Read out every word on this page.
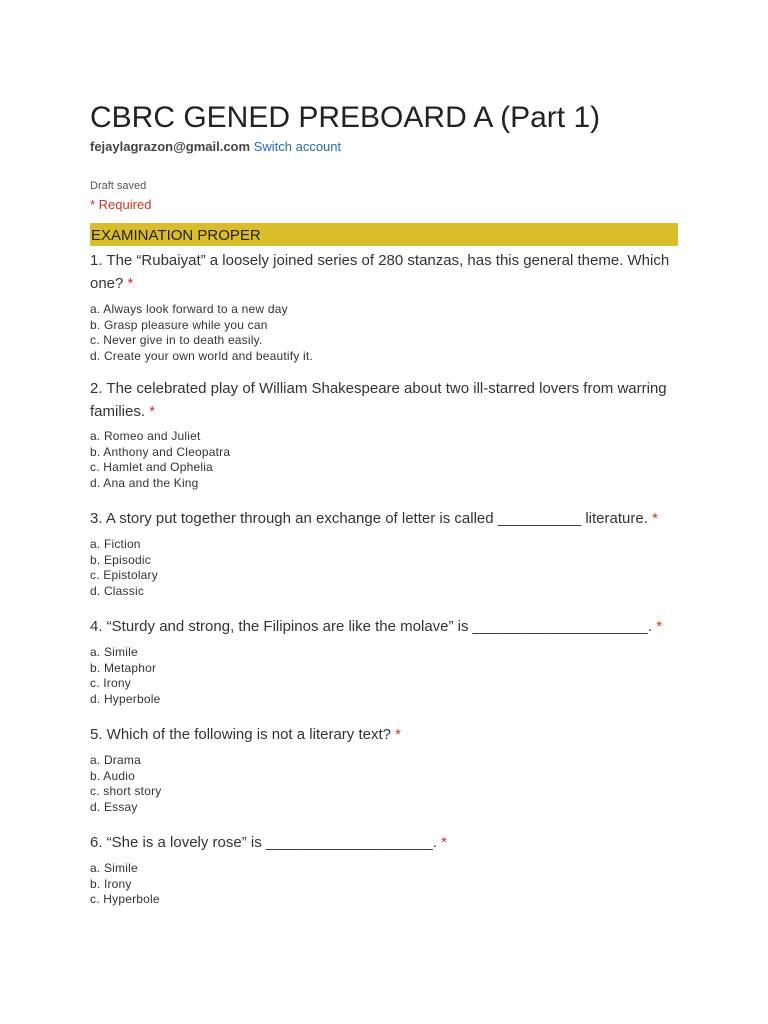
CBRC GENED PREBOARD A (Part 1)
fejaylagrazon@gmail.com Switch account
Draft saved
* Required
EXAMINATION PROPER

1. The “Rubaiyat” a loosely joined series of 280 stanzas, has this general theme. Which one? *

a. Always look forward to a new day
b. Grasp pleasure while you can
c. Never give in to death easily.
d. Create your own world and beautify it.

2. The celebrated play of William Shakespeare about two ill-starred lovers from warring families. *

a. Romeo and Juliet
b. Anthony and Cleopatra
c. Hamlet and Ophelia
d. Ana and the King

3. A story put together through an exchange of letter is called __________ literature. *

a. Fiction
b. Episodic
c. Epistolary
d. Classic

4. “Sturdy and strong, the Filipinos are like the molave” is _____________________. *

a. Simile
b. Metaphor
c. Irony
d. Hyperbole

5. Which of the following is not a literary text? *

a. Drama
b. Audio
c. short story
d. Essay

6. “She is a lovely rose” is ____________________. *

a. Simile
b. Irony
c. Hyperbole
